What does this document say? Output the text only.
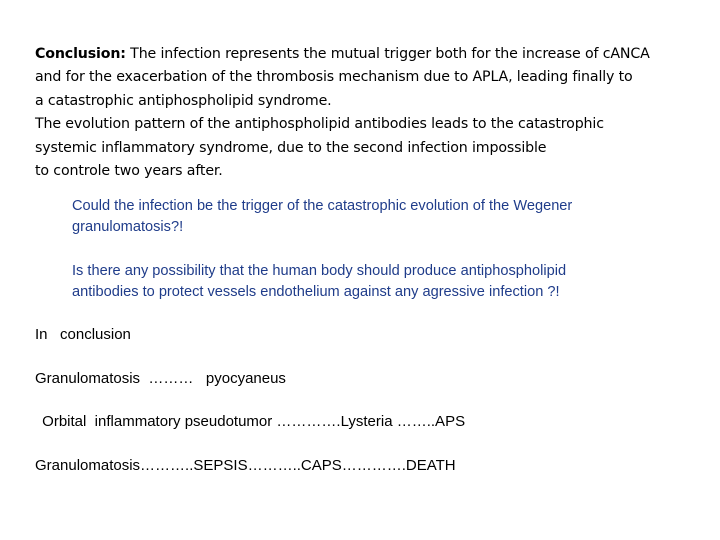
Conclusion: The infection represents the mutual trigger both for the increase of cANCA
and for the exacerbation of the thrombosis mechanism due to APLA, leading finally to
a catastrophic antiphospholipid syndrome.
The evolution pattern of the antiphospholipid antibodies leads to the catastrophic
systemic inflammatory syndrome, due to the second infection impossible
to controle two years after.
Could the infection be the trigger of the catastrophic evolution of the Wegener
granulomatosis?!
Is there any possibility that the human body should produce antiphospholipid
antibodies to protect vessels endothelium against any agressive infection ?!
In   conclusion
Granulomatosis  ………   pyocyaneus
Orbital  inflammatory pseudotumor ………….Lysteria ……..APS
Granulomatosis………..SEPSIS………..CAPS………….DEATH
